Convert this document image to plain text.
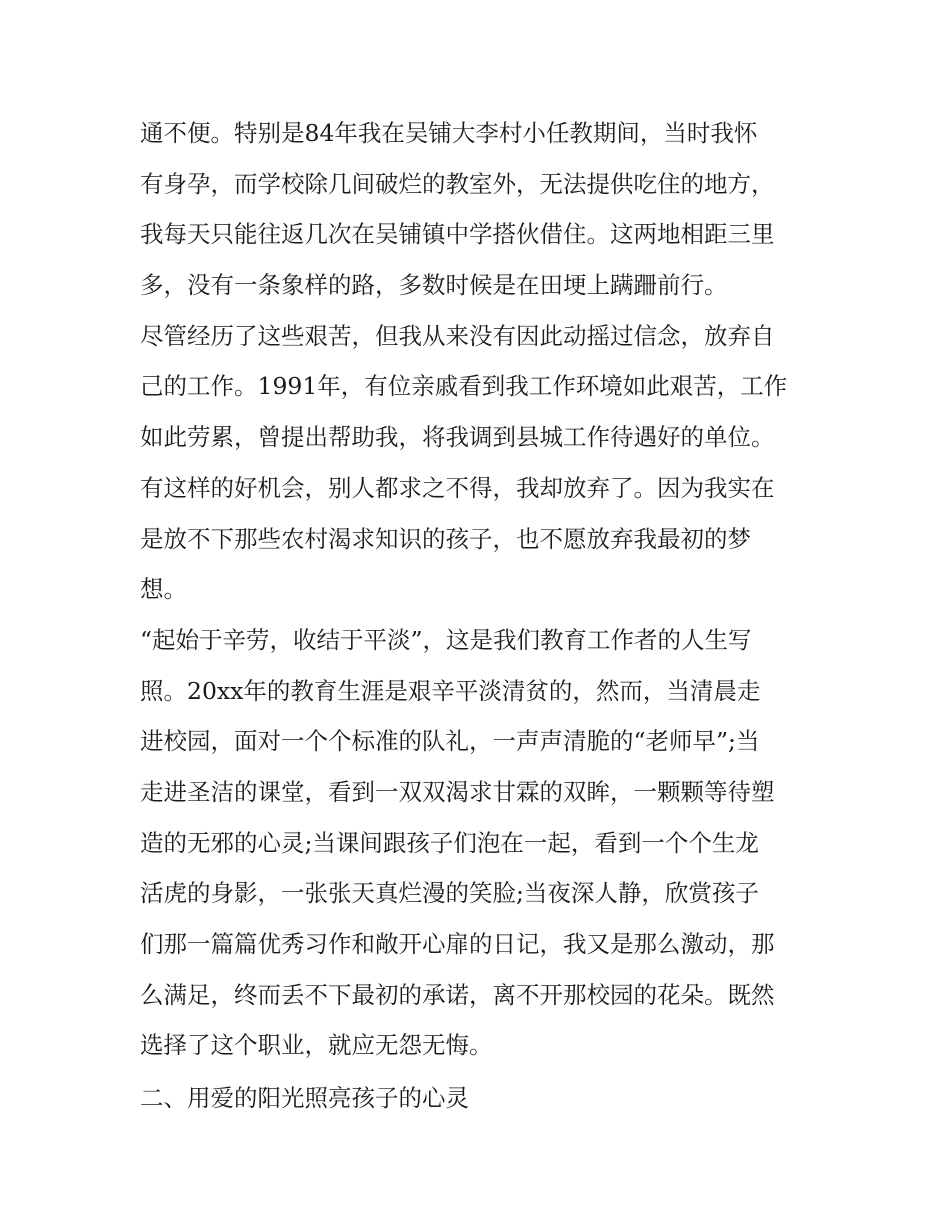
通不便。特别是84年我在吴铺大李村小任教期间，当时我怀
有身孕，而学校除几间破烂的教室外，无法提供吃住的地方，
我每天只能往返几次在吴铺镇中学搭伙借住。这两地相距三里
多，没有一条象样的路，多数时候是在田埂上蹒跚前行。
尽管经历了这些艰苦，但我从来没有因此动摇过信念，放弃自
己的工作。1991年，有位亲戚看到我工作环境如此艰苦，工作
如此劳累，曾提出帮助我，将我调到县城工作待遇好的单位。
有这样的好机会，别人都求之不得，我却放弃了。因为我实在
是放不下那些农村渴求知识的孩子，也不愿放弃我最初的梦
想。
“起始于辛劳，收结于平淡”，这是我们教育工作者的人生写
照。20xx年的教育生涯是艰辛平淡清贫的，然而，当清晨走
进校园，面对一个个标准的队礼，一声声清脆的“老师早”;当
走进圣洁的课堂，看到一双双渴求甘霖的双眸，一颗颗等待塑
造的无邪的心灵;当课间跟孩子们泡在一起，看到一个个生龙
活虎的身影，一张张天真烂漫的笑脸;当夜深人静，欣赏孩子
们那一篇篇优秀习作和敞开心扉的日记，我又是那么激动，那
么满足，终而丢不下最初的承诺，离不开那校园的花朵。既然
选择了这个职业，就应无怨无悔。
二、用爱的阳光照亮孩子的心灵
